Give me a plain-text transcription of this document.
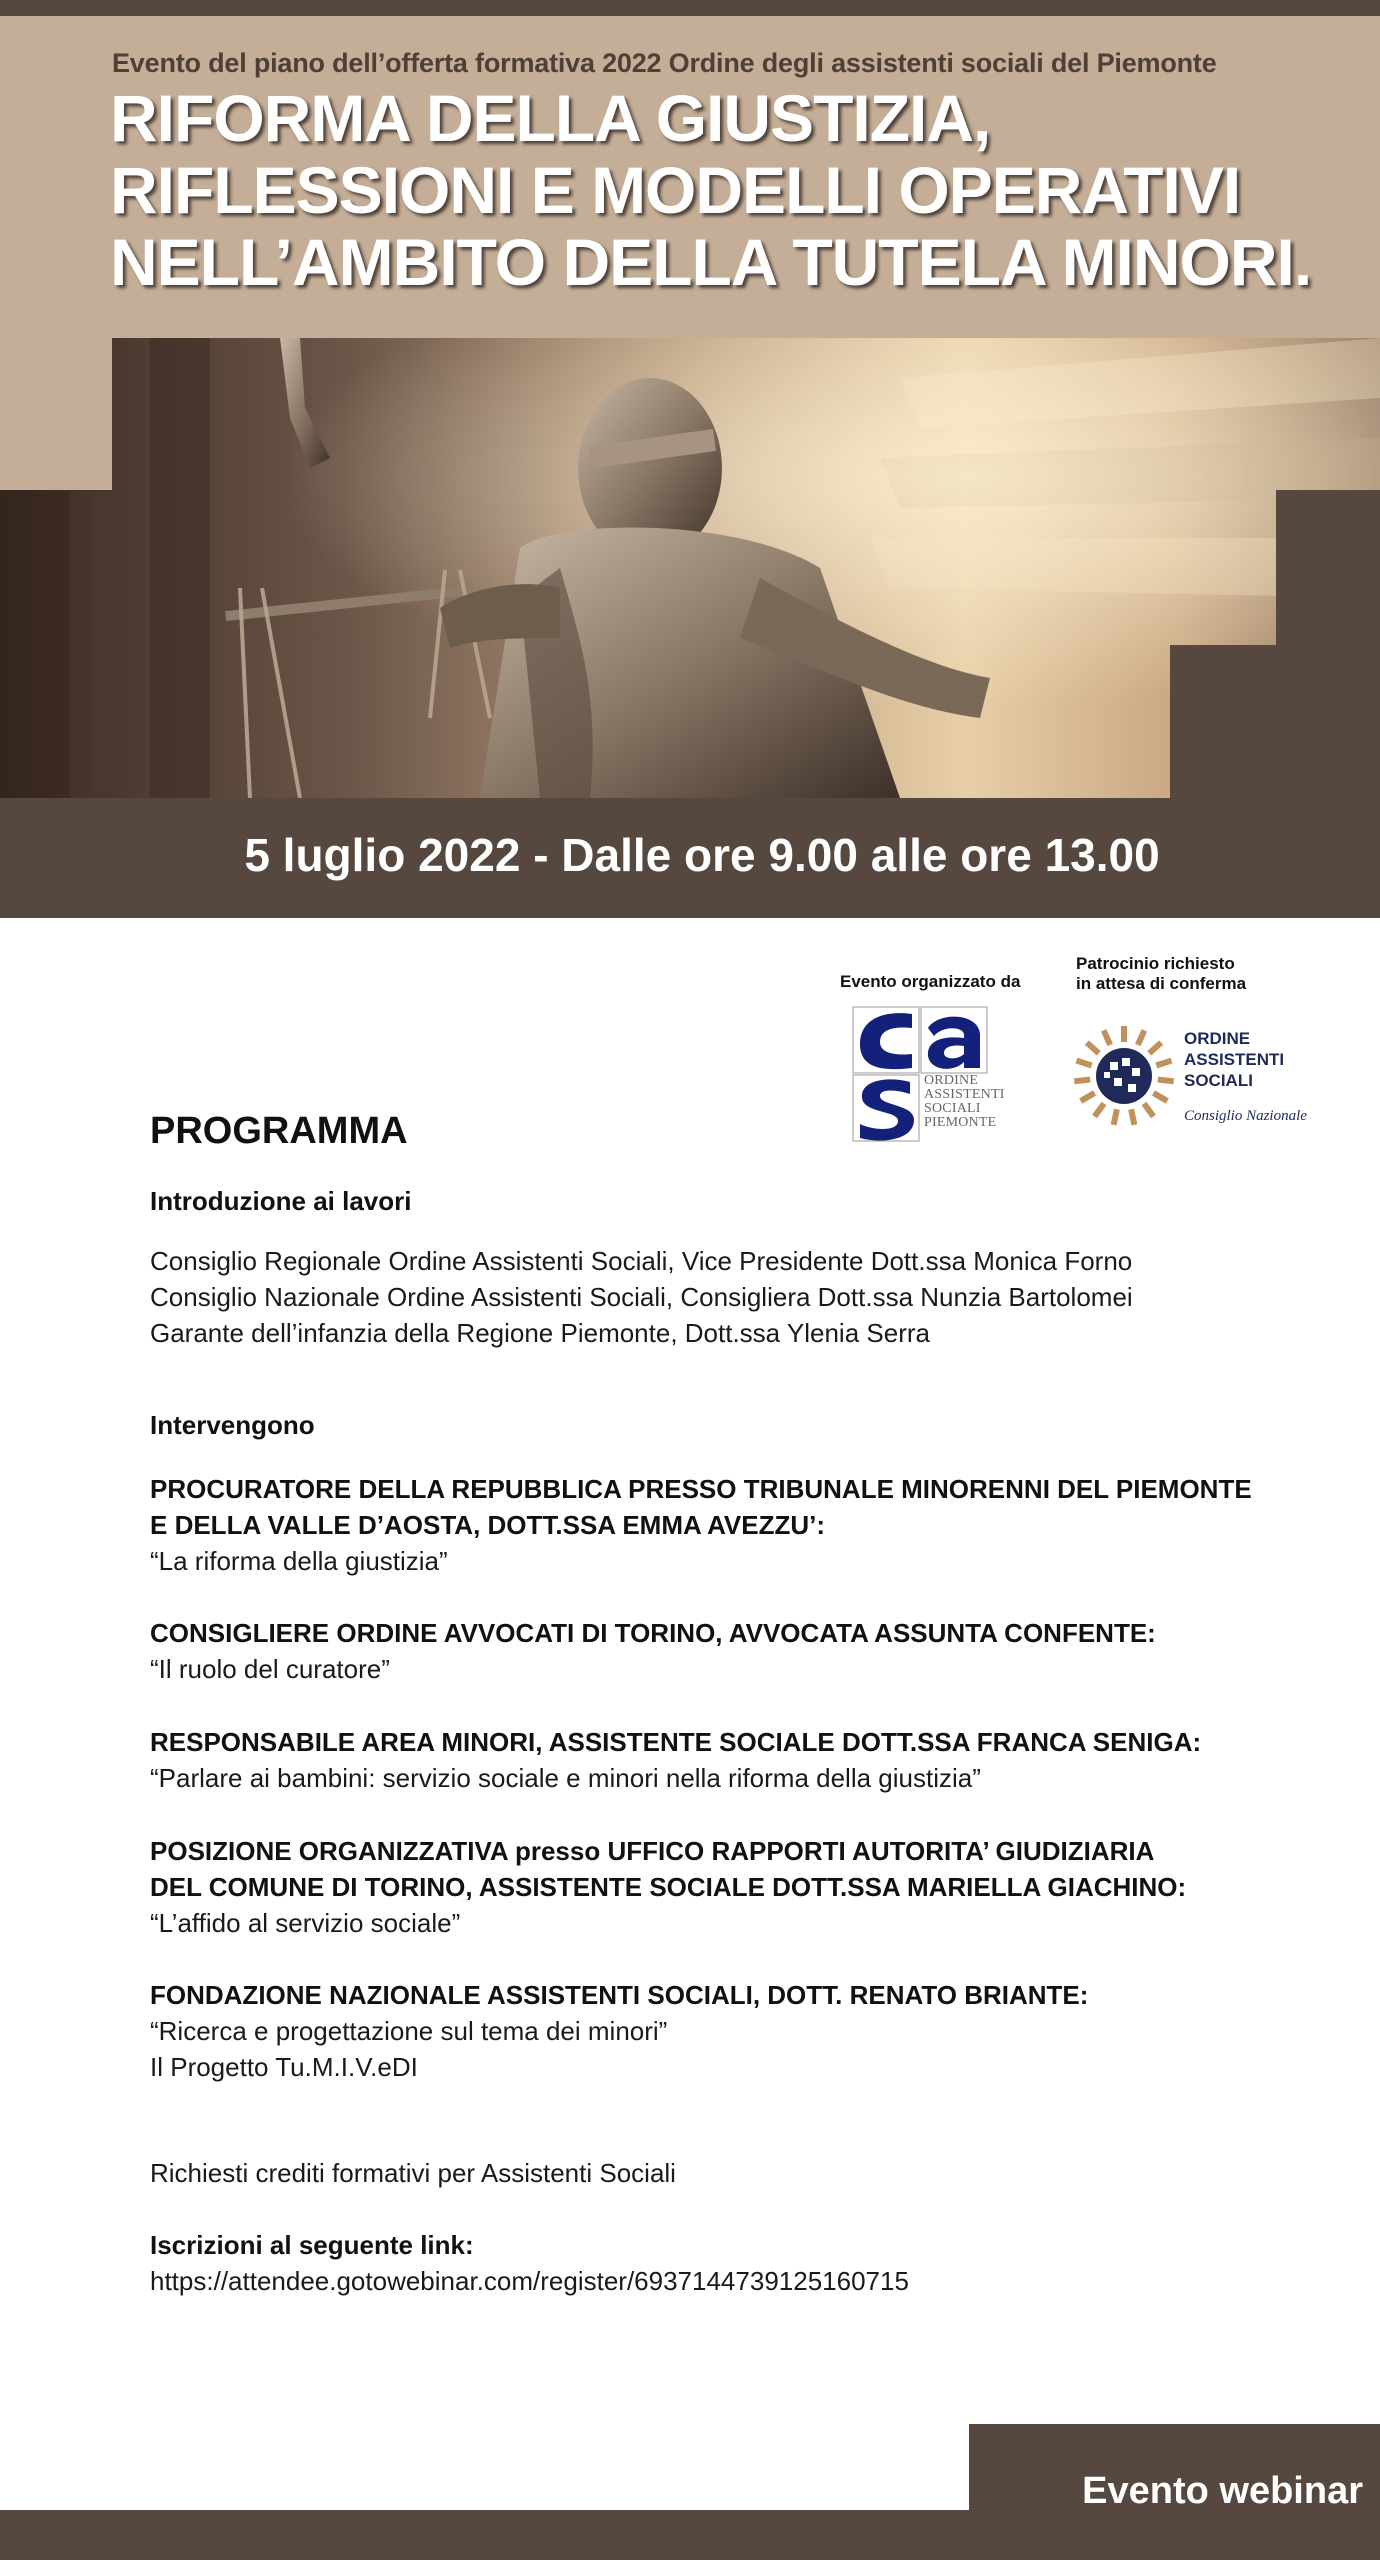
Evento del piano dell’offerta formativa 2022 Ordine degli assistenti sociali del Piemonte
RIFORMA DELLA GIUSTIZIA,
RIFLESSIONI E MODELLI OPERATIVI
NELL’AMBITO DELLA TUTELA MINORI.
5 luglio 2022 - Dalle ore 9.00 alle ore 13.00
Evento organizzato da
Patrocinio richiesto
in attesa di conferma
ORDINE
ASSISTENTI
SOCIALI
PIEMONTE
ORDINE
ASSISTENTI
SOCIALI
Consiglio Nazionale
PROGRAMMA
Introduzione ai lavori
Consiglio Regionale Ordine Assistenti Sociali, Vice Presidente Dott.ssa Monica Forno
Consiglio Nazionale Ordine Assistenti Sociali, Consigliera Dott.ssa Nunzia Bartolomei
Garante dell’infanzia della Regione Piemonte, Dott.ssa Ylenia Serra
Intervengono
PROCURATORE DELLA REPUBBLICA PRESSO TRIBUNALE MINORENNI DEL PIEMONTE
E DELLA VALLE D’AOSTA, DOTT.SSA EMMA AVEZZU’:
“La riforma della giustizia”
CONSIGLIERE ORDINE AVVOCATI DI TORINO, AVVOCATA ASSUNTA CONFENTE:
“Il ruolo del curatore”
RESPONSABILE AREA MINORI, ASSISTENTE SOCIALE DOTT.SSA FRANCA SENIGA:
“Parlare ai bambini: servizio sociale e minori nella riforma della giustizia”
POSIZIONE ORGANIZZATIVA presso UFFICO RAPPORTI AUTORITA’ GIUDIZIARIA
DEL COMUNE DI TORINO, ASSISTENTE SOCIALE DOTT.SSA MARIELLA GIACHINO:
“L’affido al servizio sociale”
FONDAZIONE NAZIONALE ASSISTENTI SOCIALI, DOTT. RENATO BRIANTE:
“Ricerca e progettazione sul tema dei minori”
Il Progetto Tu.M.I.V.eDI
Richiesti crediti formativi per Assistenti Sociali
Iscrizioni al seguente link:
https://attendee.gotowebinar.com/register/6937144739125160715
Evento webinar
